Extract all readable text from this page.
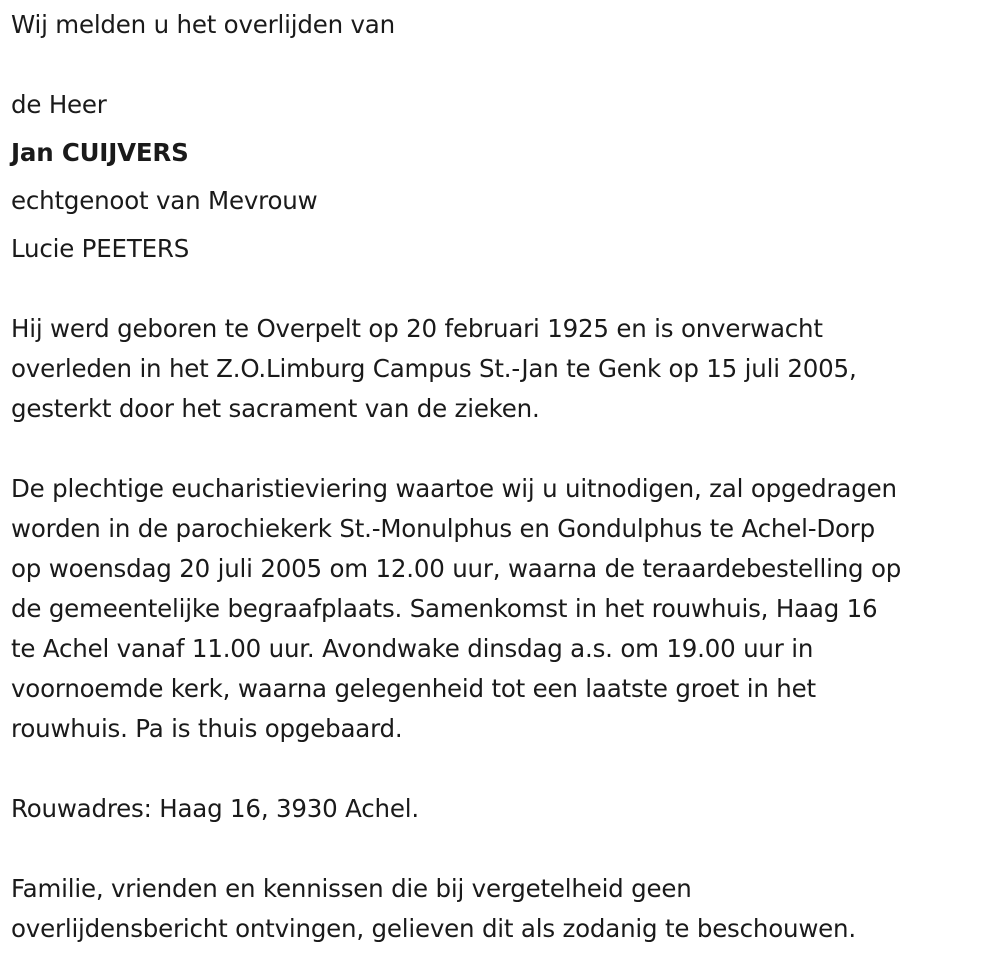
Wij melden u het overlijden van
de Heer
Jan CUIJVERS
echtgenoot van Mevrouw
Lucie PEETERS
Hij werd geboren te Overpelt op 20 februari 1925 en is onverwacht
overleden in het Z.O.Limburg Campus St.-Jan te Genk op 15 juli 2005,
gesterkt door het sacrament van de zieken.
De plechtige eucharistieviering waartoe wij u uitnodigen, zal opgedragen
worden in de parochiekerk St.-Monulphus en Gondulphus te Achel-Dorp
op woensdag 20 juli 2005 om 12.00 uur, waarna de teraardebestelling op
de gemeentelijke begraafplaats. Samenkomst in het rouwhuis, Haag 16
te Achel vanaf 11.00 uur. Avondwake dinsdag a.s. om 19.00 uur in
voornoemde kerk, waarna gelegenheid tot een laatste groet in het
rouwhuis. Pa is thuis opgebaard.
Rouwadres: Haag 16, 3930 Achel.
Familie, vrienden en kennissen die bij vergetelheid geen
overlijdensbericht ontvingen, gelieven dit als zodanig te beschouwen.
